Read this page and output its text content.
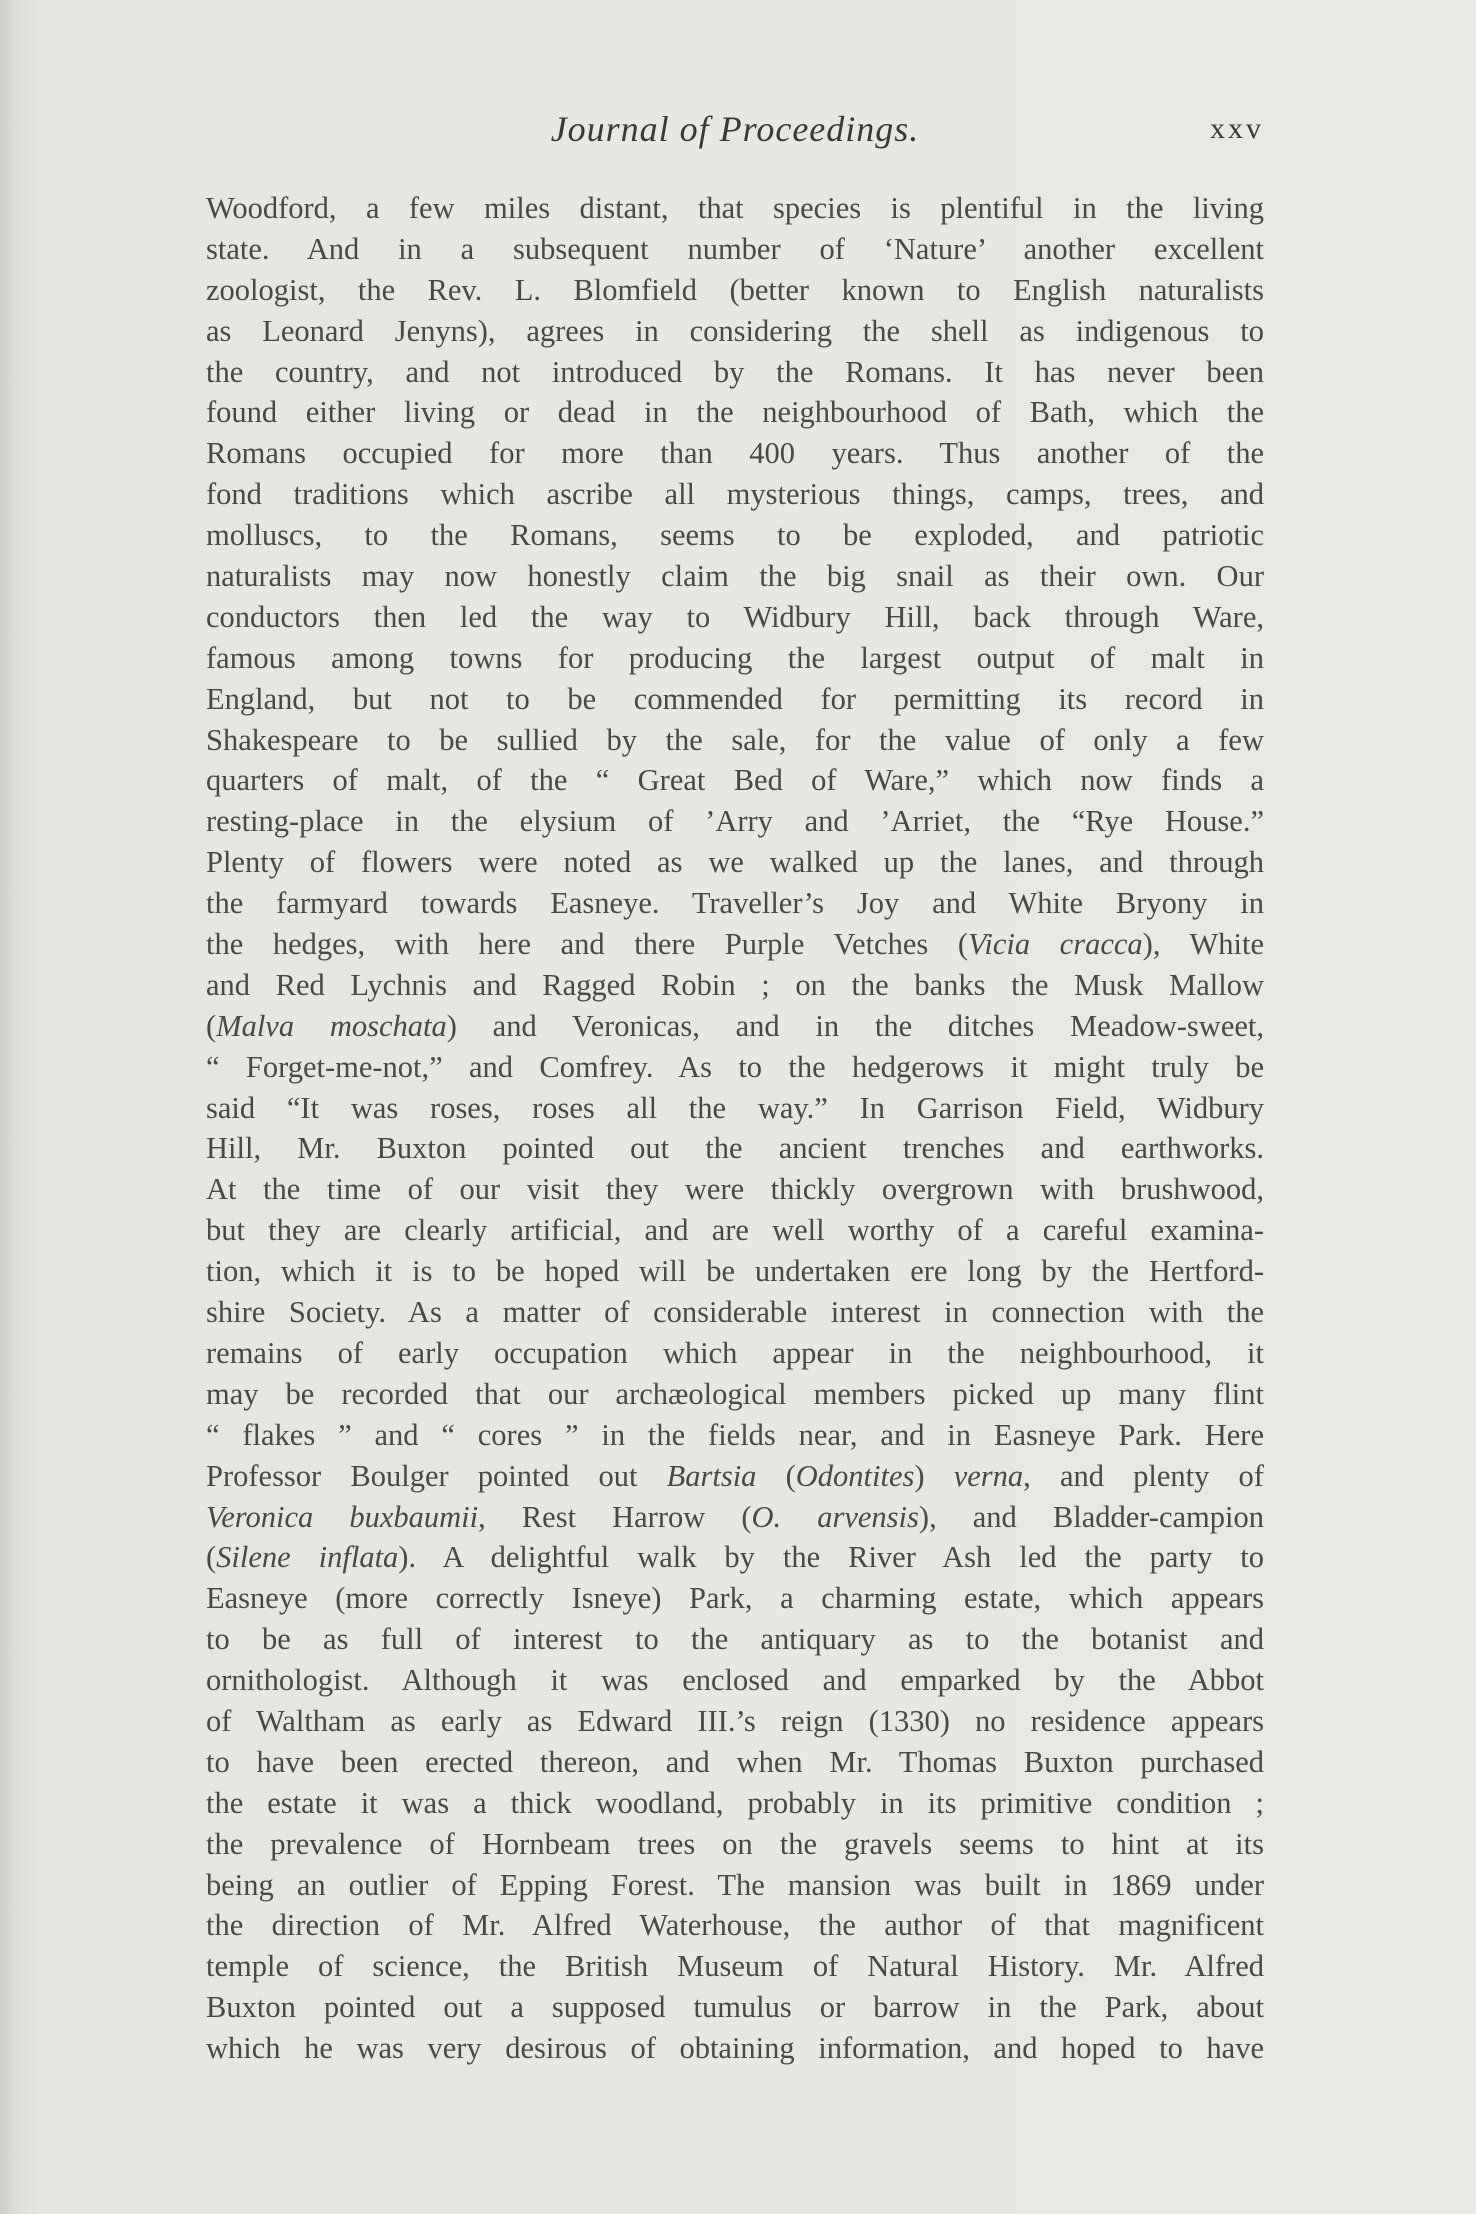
Journal of Proceedings.	xxv
Woodford, a few miles distant, that species is plentiful in the living
state. And in a subsequent number of ‘Nature’ another excellent
zoologist, the Rev. L. Blomfield (better known to English naturalists
as Leonard Jenyns), agrees in considering the shell as indigenous to
the country, and not introduced by the Romans. It has never been
found either living or dead in the neighbourhood of Bath, which the
Romans occupied for more than 400 years. Thus another of the
fond traditions which ascribe all mysterious things, camps, trees, and
molluscs, to the Romans, seems to be exploded, and patriotic
naturalists may now honestly claim the big snail as their own. Our
conductors then led the way to Widbury Hill, back through Ware,
famous among towns for producing the largest output of malt in
England, but not to be commended for permitting its record in
Shakespeare to be sullied by the sale, for the value of only a few
quarters of malt, of the “ Great Bed of Ware,” which now finds a
resting-place in the elysium of ’Arry and ’Arriet, the “Rye House.”
Plenty of flowers were noted as we walked up the lanes, and through
the farmyard towards Easneye. Traveller’s Joy and White Bryony in
the hedges, with here and there Purple Vetches (Vicia cracca), White
and Red Lychnis and Ragged Robin ; on the banks the Musk Mallow
(Malva moschata) and Veronicas, and in the ditches Meadow-sweet,
“ Forget-me-not,” and Comfrey. As to the hedgerows it might truly be
said “It was roses, roses all the way.” In Garrison Field, Widbury
Hill, Mr. Buxton pointed out the ancient trenches and earthworks.
At the time of our visit they were thickly overgrown with brushwood,
but they are clearly artificial, and are well worthy of a careful examina-
tion, which it is to be hoped will be undertaken ere long by the Hertford-
shire Society. As a matter of considerable interest in connection with the
remains of early occupation which appear in the neighbourhood, it
may be recorded that our archæological members picked up many flint
“ flakes ” and “ cores ” in the fields near, and in Easneye Park. Here
Professor Boulger pointed out Bartsia (Odontites) verna, and plenty of
Veronica buxbaumii, Rest Harrow (O. arvensis), and Bladder-campion
(Silene inflata). A delightful walk by the River Ash led the party to
Easneye (more correctly Isneye) Park, a charming estate, which appears
to be as full of interest to the antiquary as to the botanist and
ornithologist. Although it was enclosed and emparked by the Abbot
of Waltham as early as Edward III.’s reign (1330) no residence appears
to have been erected thereon, and when Mr. Thomas Buxton purchased
the estate it was a thick woodland, probably in its primitive condition ;
the prevalence of Hornbeam trees on the gravels seems to hint at its
being an outlier of Epping Forest. The mansion was built in 1869 under
the direction of Mr. Alfred Waterhouse, the author of that magnificent
temple of science, the British Museum of Natural History. Mr. Alfred
Buxton pointed out a supposed tumulus or barrow in the Park, about
which he was very desirous of obtaining information, and hoped to have
